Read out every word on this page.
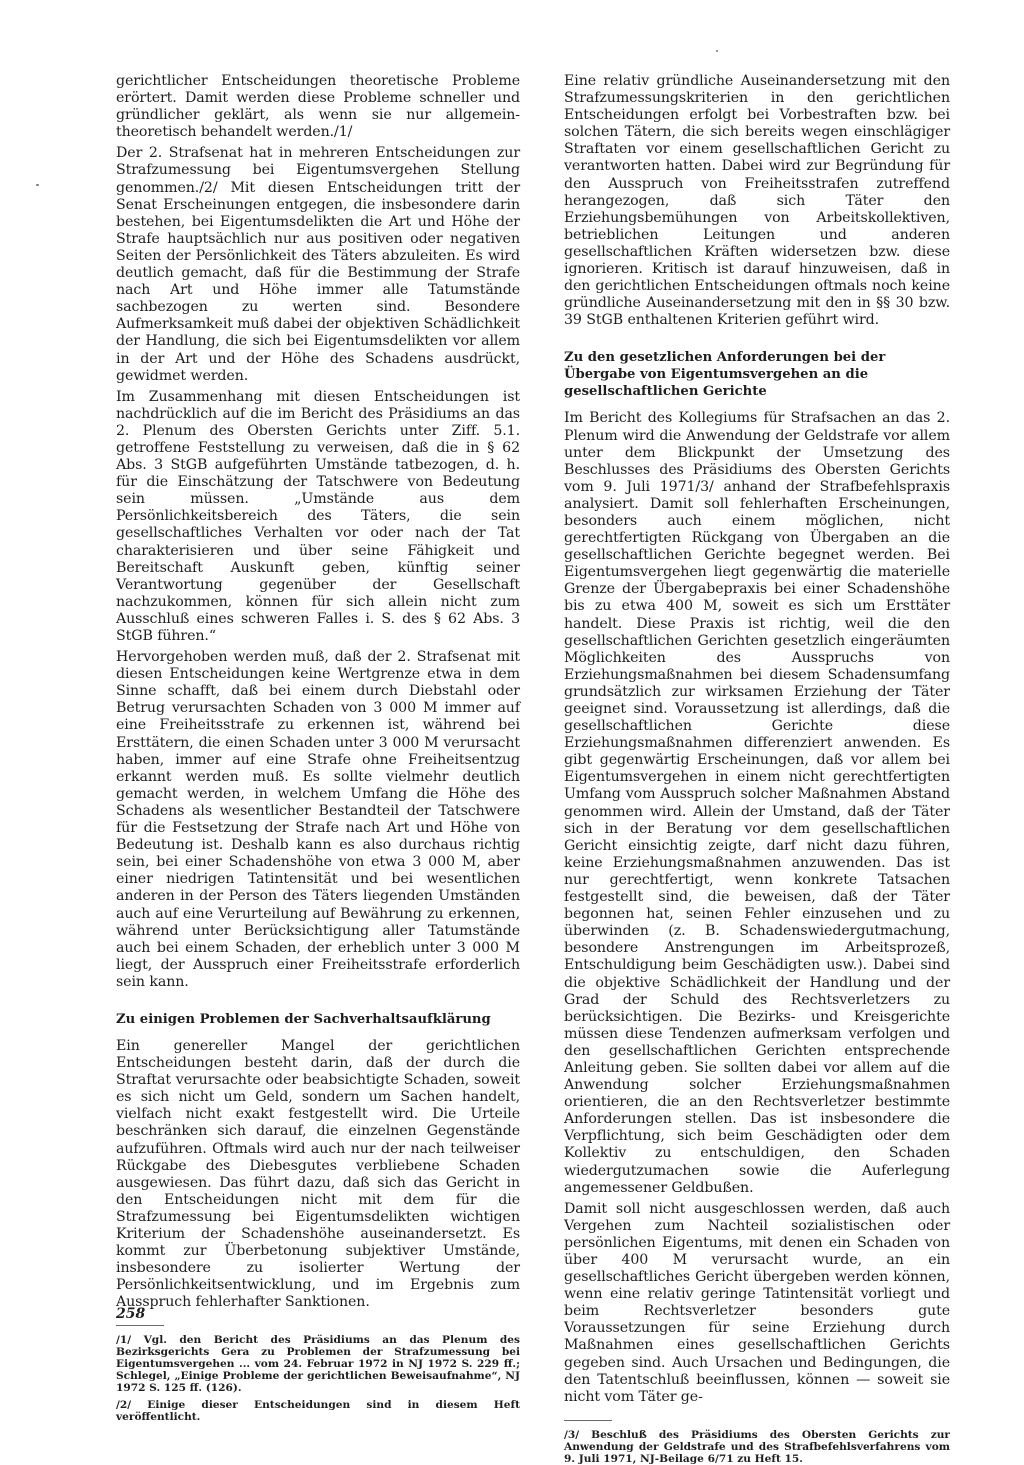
gerichtlicher Entscheidungen theoretische Probleme erörtert. Damit werden diese Probleme schneller und gründlicher geklärt, als wenn sie nur allgemein-theoretisch behandelt werden./1/

Der 2. Strafsenat hat in mehreren Entscheidungen zur Strafzumessung bei Eigentumsvergehen Stellung genommen./2/ Mit diesen Entscheidungen tritt der Senat Erscheinungen entgegen, die insbesondere darin bestehen, bei Eigentumsdelikten die Art und Höhe der Strafe hauptsächlich nur aus positiven oder negativen Seiten der Persönlichkeit des Täters abzuleiten. Es wird deutlich gemacht, daß für die Bestimmung der Strafe nach Art und Höhe immer alle Tatumstände sachbezogen zu werten sind. Besondere Aufmerksamkeit muß dabei der objektiven Schädlichkeit der Handlung, die sich bei Eigentumsdelikten vor allem in der Art und der Höhe des Schadens ausdrückt, gewidmet werden.

Im Zusammenhang mit diesen Entscheidungen ist nachdrücklich auf die im Bericht des Präsidiums an das 2. Plenum des Obersten Gerichts unter Ziff. 5.1. getroffene Feststellung zu verweisen, daß die in § 62 Abs. 3 StGB aufgeführten Umstände tatbezogen, d. h. für die Einschätzung der Tatschwere von Bedeutung sein müssen. „Umstände aus dem Persönlichkeitsbereich des Täters, die sein gesellschaftliches Verhalten vor oder nach der Tat charakterisieren und über seine Fähigkeit und Bereitschaft Auskunft geben, künftig seiner Verantwortung gegenüber der Gesellschaft nachzukommen, können für sich allein nicht zum Ausschluß eines schweren Falles i. S. des § 62 Abs. 3 StGB führen.“

Hervorgehoben werden muß, daß der 2. Strafsenat mit diesen Entscheidungen keine Wertgrenze etwa in dem Sinne schafft, daß bei einem durch Diebstahl oder Betrug verursachten Schaden von 3 000 M immer auf eine Freiheitsstrafe zu erkennen ist, während bei Ersttätern, die einen Schaden unter 3 000 M verursacht haben, immer auf eine Strafe ohne Freiheitsentzug erkannt werden muß. Es sollte vielmehr deutlich gemacht werden, in welchem Umfang die Höhe des Schadens als wesentlicher Bestandteil der Tatschwere für die Festsetzung der Strafe nach Art und Höhe von Bedeutung ist. Deshalb kann es also durchaus richtig sein, bei einer Schadenshöhe von etwa 3 000 M, aber einer niedrigen Tatintensität und bei wesentlichen anderen in der Person des Täters liegenden Umständen auch auf eine Verurteilung auf Bewährung zu erkennen, während unter Berücksichtigung aller Tatumstände auch bei einem Schaden, der erheblich unter 3 000 M liegt, der Ausspruch einer Freiheitsstrafe erforderlich sein kann.

Zu einigen Problemen der Sachverhaltsaufklärung

Ein genereller Mangel der gerichtlichen Entscheidungen besteht darin, daß der durch die Straftat verursachte oder beabsichtigte Schaden, soweit es sich nicht um Geld, sondern um Sachen handelt, vielfach nicht exakt festgestellt wird. Die Urteile beschränken sich darauf, die einzelnen Gegenstände aufzuführen. Oftmals wird auch nur der nach teilweiser Rückgabe des Diebesgutes verbliebene Schaden ausgewiesen. Das führt dazu, daß sich das Gericht in den Entscheidungen nicht mit dem für die Strafzumessung bei Eigentumsdelikten wichtigen Kriterium der Schadenshöhe auseinandersetzt. Es kommt zur Überbetonung subjektiver Umstände, insbesondere zu isolierter Wertung der Persönlichkeitsentwicklung, und im Ergebnis zum Ausspruch fehlerhafter Sanktionen.

/1/ Vgl. den Bericht des Präsidiums an das Plenum des Bezirksgerichts Gera zu Problemen der Strafzumessung bei Eigentumsvergehen ... vom 24. Februar 1972 in NJ 1972 S. 229 ff.; Schlegel, „Einige Probleme der gerichtlichen Beweisaufnahme“, NJ 1972 S. 125 ff. (126).

/2/ Einige dieser Entscheidungen sind in diesem Heft veröffentlicht.

Eine relativ gründliche Auseinandersetzung mit den Strafzumessungskriterien in den gerichtlichen Entscheidungen erfolgt bei Vorbestraften bzw. bei solchen Tätern, die sich bereits wegen einschlägiger Straftaten vor einem gesellschaftlichen Gericht zu verantworten hatten. Dabei wird zur Begründung für den Ausspruch von Freiheitsstrafen zutreffend herangezogen, daß sich Täter den Erziehungsbemühungen von Arbeitskollektiven, betrieblichen Leitungen und anderen gesellschaftlichen Kräften widersetzen bzw. diese ignorieren. Kritisch ist darauf hinzuweisen, daß in den gerichtlichen Entscheidungen oftmals noch keine gründliche Auseinandersetzung mit den in §§ 30 bzw. 39 StGB enthaltenen Kriterien geführt wird.

Zu den gesetzlichen Anforderungen bei der Übergabe von Eigentumsvergehen an die gesellschaftlichen Gerichte

Im Bericht des Kollegiums für Strafsachen an das 2. Plenum wird die Anwendung der Geldstrafe vor allem unter dem Blickpunkt der Umsetzung des Beschlusses des Präsidiums des Obersten Gerichts vom 9. Juli 1971/3/ anhand der Strafbefehlspraxis analysiert. Damit soll fehlerhaften Erscheinungen, besonders auch einem möglichen, nicht gerechtfertigten Rückgang von Übergaben an die gesellschaftlichen Gerichte begegnet werden. Bei Eigentumsvergehen liegt gegenwärtig die materielle Grenze der Übergabepraxis bei einer Schadenshöhe bis zu etwa 400 M, soweit es sich um Ersttäter handelt. Diese Praxis ist richtig, weil die den gesellschaftlichen Gerichten gesetzlich eingeräumten Möglichkeiten des Ausspruchs von Erziehungsmaßnahmen bei diesem Schadensumfang grundsätzlich zur wirksamen Erziehung der Täter geeignet sind. Voraussetzung ist allerdings, daß die gesellschaftlichen Gerichte diese Erziehungsmaßnahmen differenziert anwenden. Es gibt gegenwärtig Erscheinungen, daß vor allem bei Eigentumsvergehen in einem nicht gerechtfertigten Umfang vom Ausspruch solcher Maßnahmen Abstand genommen wird. Allein der Umstand, daß der Täter sich in der Beratung vor dem gesellschaftlichen Gericht einsichtig zeigte, darf nicht dazu führen, keine Erziehungsmaßnahmen anzuwenden. Das ist nur gerechtfertigt, wenn konkrete Tatsachen festgestellt sind, die beweisen, daß der Täter begonnen hat, seinen Fehler einzusehen und zu überwinden (z. B. Schadenswiedergutmachung, besondere Anstrengungen im Arbeitsprozeß, Entschuldigung beim Geschädigten usw.). Dabei sind die objektive Schädlichkeit der Handlung und der Grad der Schuld des Rechtsverletzers zu berücksichtigen. Die Bezirks- und Kreisgerichte müssen diese Tendenzen aufmerksam verfolgen und den gesellschaftlichen Gerichten entsprechende Anleitung geben. Sie sollten dabei vor allem auf die Anwendung solcher Erziehungsmaßnahmen orientieren, die an den Rechtsverletzer bestimmte Anforderungen stellen. Das ist insbesondere die Verpflichtung, sich beim Geschädigten oder dem Kollektiv zu entschuldigen, den Schaden wiedergutzumachen sowie die Auferlegung angemessener Geldbußen.

Damit soll nicht ausgeschlossen werden, daß auch Vergehen zum Nachteil sozialistischen oder persönlichen Eigentums, mit denen ein Schaden von über 400 M verursacht wurde, an ein gesellschaftliches Gericht übergeben werden können, wenn eine relativ geringe Tatintensität vorliegt und beim Rechtsverletzer besonders gute Voraussetzungen für seine Erziehung durch Maßnahmen eines gesellschaftlichen Gerichts gegeben sind. Auch Ursachen und Bedingungen, die den Tatentschluß beeinflussen, können — soweit sie nicht vom Täter ge-

/3/ Beschluß des Präsidiums des Obersten Gerichts zur Anwendung der Geldstrafe und des Strafbefehlsverfahrens vom 9. Juli 1971, NJ-Beilage 6/71 zu Heft 15.

258
